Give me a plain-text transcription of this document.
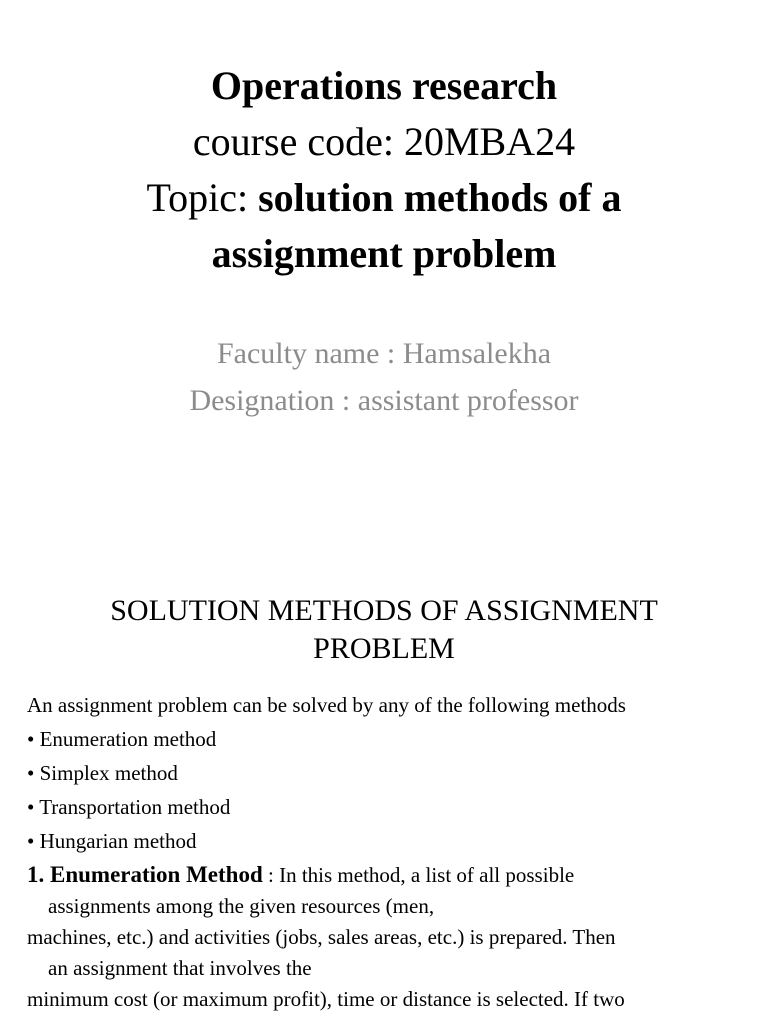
Operations research
course code: 20MBA24
Topic: solution methods of a
assignment problem
Faculty name : Hamsalekha
Designation : assistant professor
SOLUTION METHODS OF ASSIGNMENT
PROBLEM
An assignment problem can be solved by any of the following methods
• Enumeration method
• Simplex method
• Transportation method
• Hungarian method
1. Enumeration Method : In this method, a list of all possible
assignments among the given resources (men,
machines, etc.) and activities (jobs, sales areas, etc.) is prepared. Then
an assignment that involves the
minimum cost (or maximum profit), time or distance is selected. If two
